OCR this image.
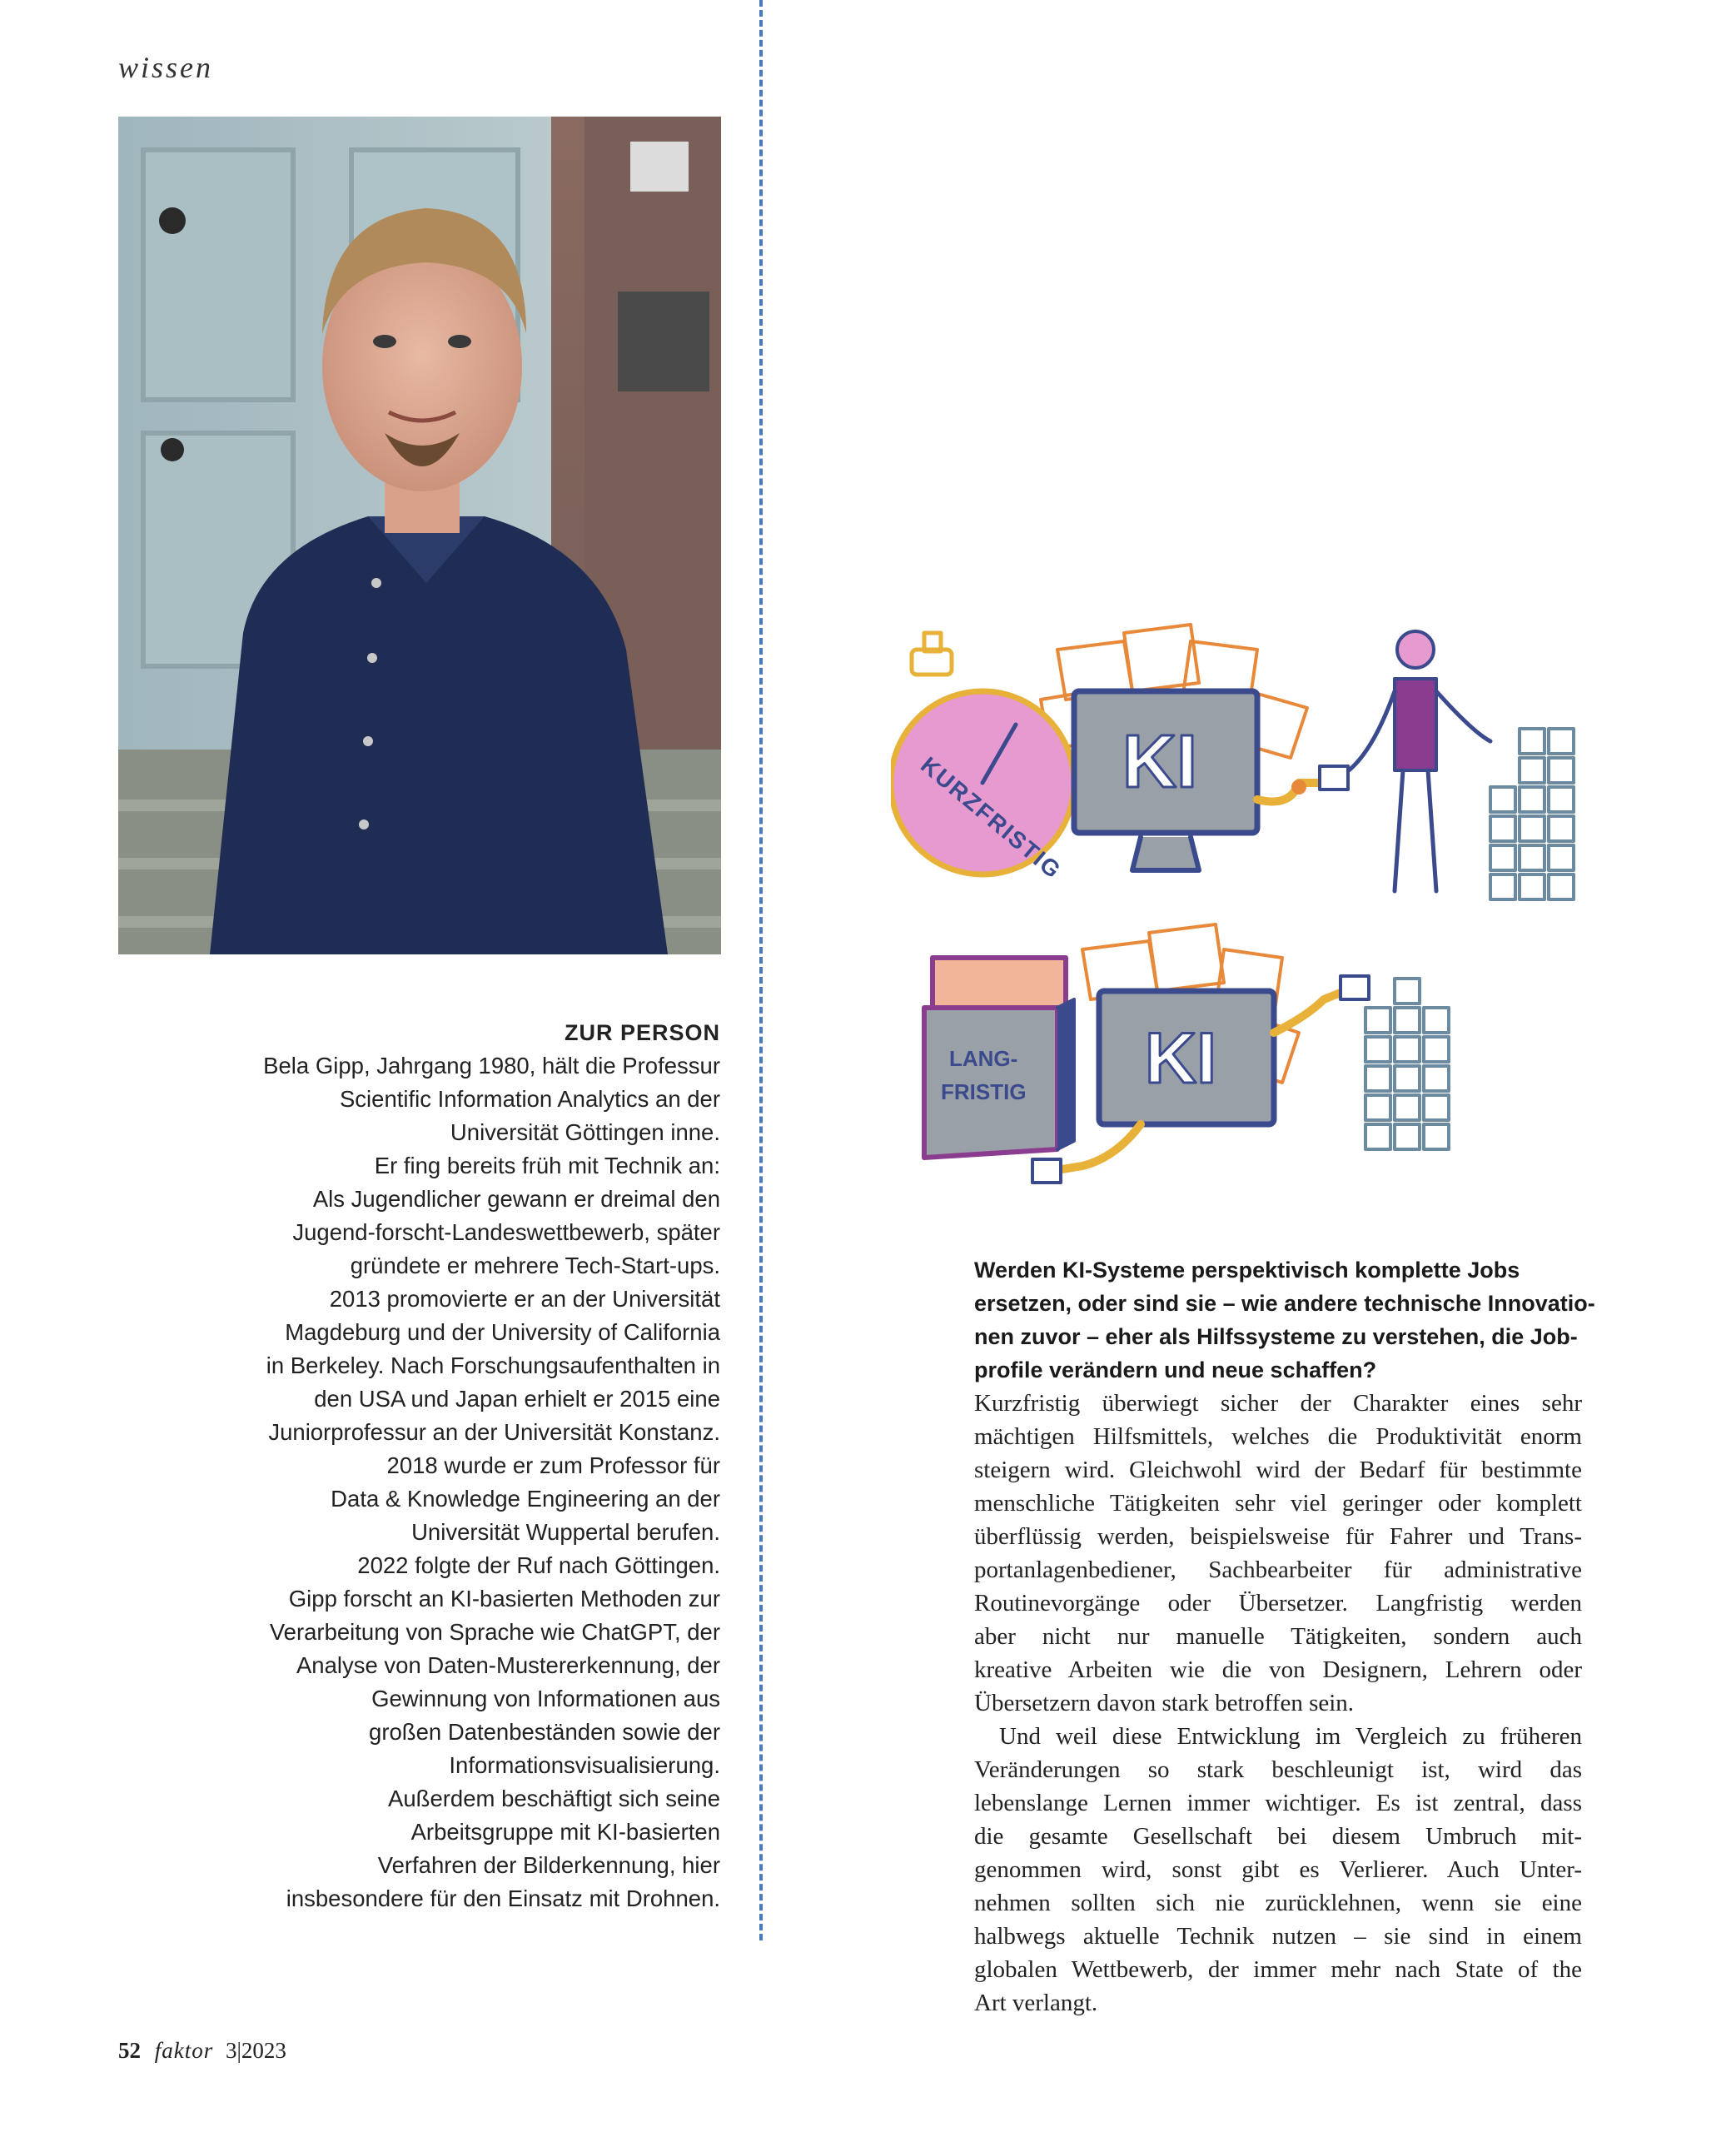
wissen
ZUR PERSON
Bela Gipp, Jahrgang 1980, hält die Professur
Scientific Information Analytics an der
Universität Göttingen inne.
Er fing bereits früh mit Technik an:
Als Jugendlicher gewann er dreimal den
Jugend-forscht-Landeswettbewerb, später
gründete er mehrere Tech-Start-ups.
2013 promovierte er an der Universität
Magdeburg und der University of California
in Berkeley. Nach Forschungsaufenthalten in
den USA und Japan erhielt er 2015 eine
Juniorprofessur an der Universität Konstanz.
2018 wurde er zum Professor für
Data & Knowledge Engineering an der
Universität Wuppertal berufen.
2022 folgte der Ruf nach Göttingen.
Gipp forscht an KI-basierten Methoden zur
Verarbeitung von Sprache wie ChatGPT, der
Analyse von Daten-Mustererkennung, der
Gewinnung von Informationen aus
großen Datenbeständen sowie der
Informationsvisualisierung.
Außerdem beschäftigt sich seine
Arbeitsgruppe mit KI-basierten
Verfahren der Bilderkennung, hier
insbesondere für den Einsatz mit Drohnen.
KURZFRISTIG KI
LANG-
FRISTIG KI
Werden KI-Systeme perspektivisch komplette Jobs
ersetzen, oder sind sie – wie andere technische Innovatio-
nen zuvor – eher als Hilfssysteme zu verstehen, die Job-
profile verändern und neue schaffen?
Kurzfristig überwiegt sicher der Charakter eines sehr
mächtigen Hilfsmittels, welches die Produktivität enorm
steigern wird. Gleichwohl wird der Bedarf für bestimmte
menschliche Tätigkeiten sehr viel geringer oder komplett
überflüssig werden, beispielsweise für Fahrer und Trans-
portanlagenbediener, Sachbearbeiter für administrative
Routinevorgänge oder Übersetzer. Langfristig werden
aber nicht nur manuelle Tätigkeiten, sondern auch
kreative Arbeiten wie die von Designern, Lehrern oder
Übersetzern davon stark betroffen sein.
Und weil diese Entwicklung im Vergleich zu früheren
Veränderungen so stark beschleunigt ist, wird das
lebenslange Lernen immer wichtiger. Es ist zentral, dass
die gesamte Gesellschaft bei diesem Umbruch mit-
genommen wird, sonst gibt es Verlierer. Auch Unter-
nehmen sollten sich nie zurücklehnen, wenn sie eine
halbwegs aktuelle Technik nutzen – sie sind in einem
globalen Wettbewerb, der immer mehr nach State of the
Art verlangt.
52 faktor 3|2023
